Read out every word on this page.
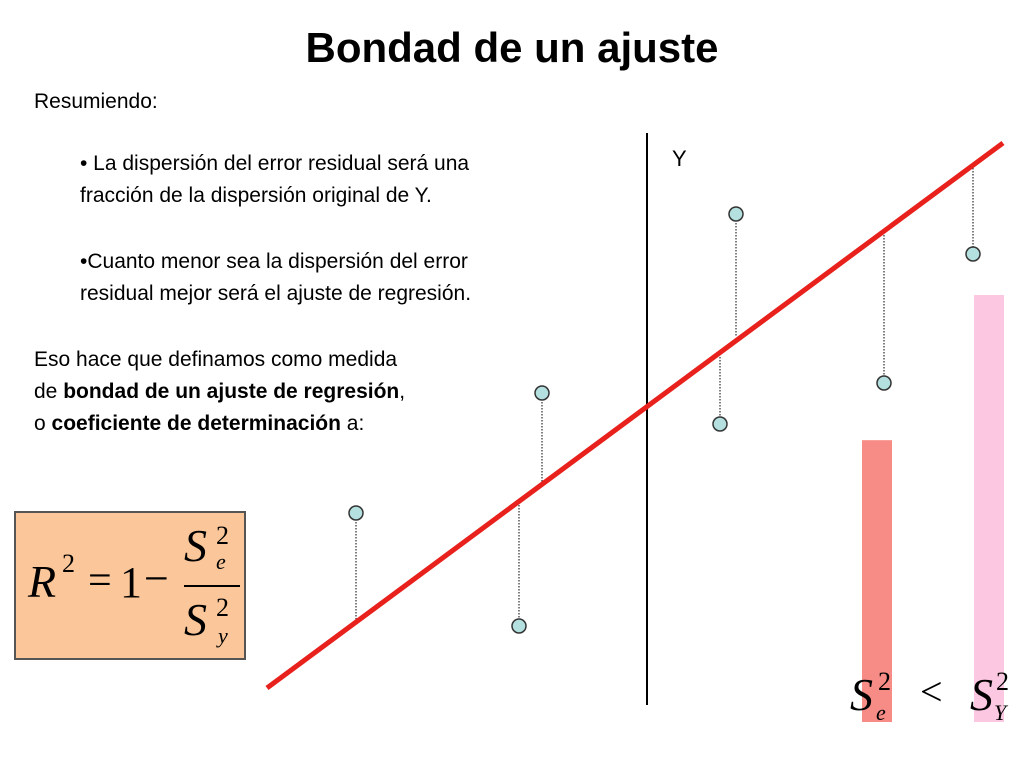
Bondad de un ajuste
Resumiendo:
• La dispersión del error residual será una
fracción de la dispersión original de Y.
•Cuanto menor sea la dispersión del error
residual mejor será el ajuste de regresión.
Eso hace que definamos como medida
de bondad de un ajuste de regresión,
o coeficiente de determinación a:
R 2 = 1 −
S 2
e
S 2
y
Y
S 2
e < S 2
Y
